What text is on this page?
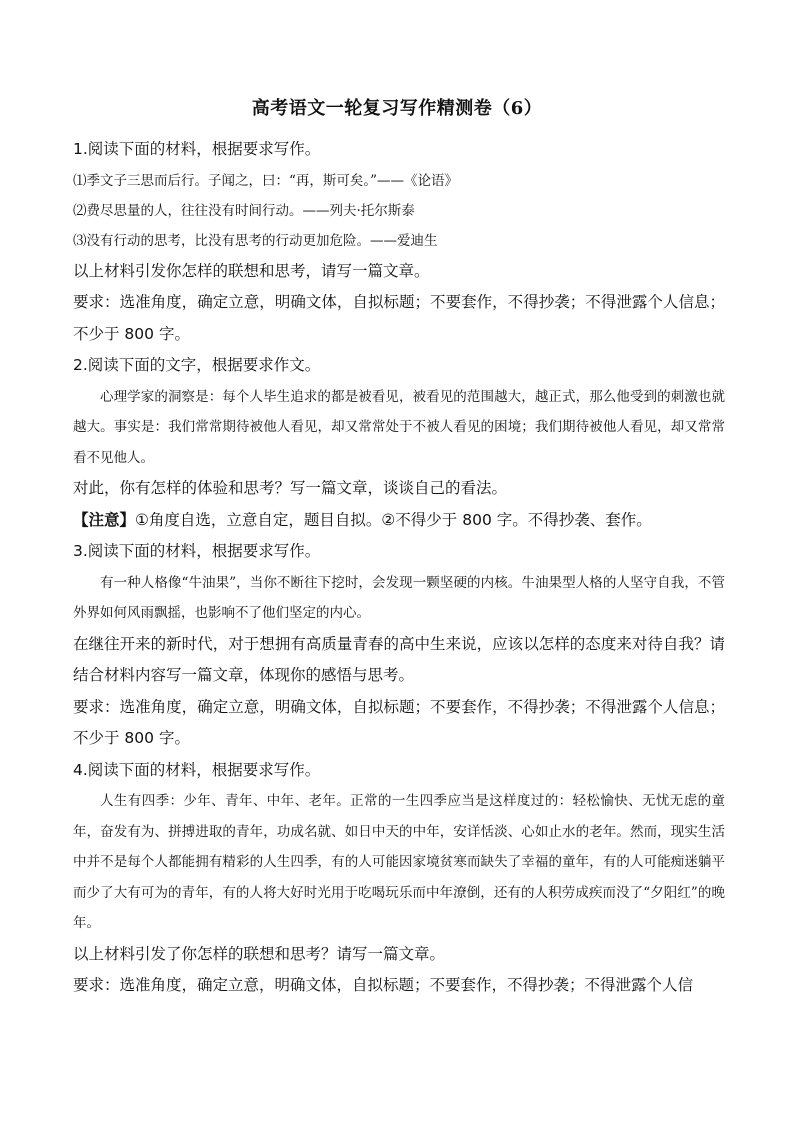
高考语文一轮复习写作精测卷（6）

1.阅读下面的材料，根据要求写作。

⑴季文子三思而后行。子闻之，曰：“再，斯可矣。”——《论语》

⑵费尽思量的人，往往没有时间行动。——列夫·托尔斯泰

⑶没有行动的思考，比没有思考的行动更加危险。——爱迪生

以上材料引发你怎样的联想和思考，请写一篇文章。

要求：选准角度，确定立意，明确文体，自拟标题；不要套作，不得抄袭；不得泄露个人信息；不少于 800 字。

2.阅读下面的文字，根据要求作文。

心理学家的洞察是：每个人毕生追求的都是被看见，被看见的范围越大，越正式，那么他受到的刺激也就越大。事实是：我们常常期待被他人看见，却又常常处于不被人看见的困境；我们期待被他人看见，却又常常看不见他人。

对此，你有怎样的体验和思考？写一篇文章，谈谈自己的看法。

【注意】①角度自选，立意自定，题目自拟。②不得少于 800 字。不得抄袭、套作。

3.阅读下面的材料，根据要求写作。

有一种人格像“牛油果”，当你不断往下挖时，会发现一颗坚硬的内核。牛油果型人格的人坚守自我，不管外界如何风雨飘摇，也影响不了他们坚定的内心。

在继往开来的新时代，对于想拥有高质量青春的高中生来说，应该以怎样的态度来对待自我？请结合材料内容写一篇文章，体现你的感悟与思考。

要求：选准角度，确定立意，明确文体，自拟标题；不要套作，不得抄袭；不得泄露个人信息；不少于 800 字。

4.阅读下面的材料，根据要求写作。

人生有四季：少年、青年、中年、老年。正常的一生四季应当是这样度过的：轻松愉快、无忧无虑的童年，奋发有为、拼搏进取的青年，功成名就、如日中天的中年，安详恬淡、心如止水的老年。然而，现实生活中并不是每个人都能拥有精彩的人生四季，有的人可能因家境贫寒而缺失了幸福的童年，有的人可能痴迷躺平而少了大有可为的青年，有的人将大好时光用于吃喝玩乐而中年潦倒，还有的人积劳成疾而没了“夕阳红”的晚年。

以上材料引发了你怎样的联想和思考？请写一篇文章。

要求：选准角度，确定立意，明确文体，自拟标题；不要套作，不得抄袭；不得泄露个人信
